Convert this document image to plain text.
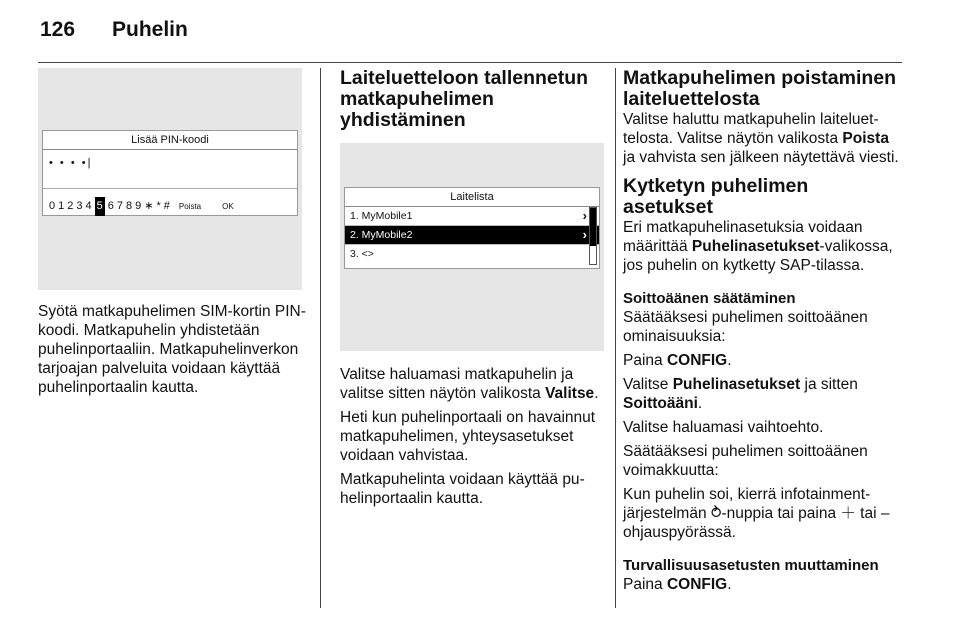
126 Puhelin
Lisää PIN-koodi
• • • •|
0 1 2 3 4 5 6 7 8 9 ∗ * # Poista	OK

Syötä matkapuhelimen SIM-kortin PIN-koodi. Matkapuhelin yhdistetään puhelinportaaliin. Matkapuhelinverkon tarjoajan palveluita voidaan käyttää puhelinportaalin kautta.

Laiteluetteloon tallennetun matkapuhelimen yhdistäminen
Laitelista
1. MyMobile1	›
2. MyMobile2	›
3. <>

Valitse haluamasi matkapuhelin ja valitse sitten näytön valikosta Valitse.

Heti kun puhelinportaali on havainnut matkapuhelimen, yhteysasetukset voidaan vahvistaa.

Matkapuhelinta voidaan käyttää puhelinportaalin kautta.

Matkapuhelimen poistaminen laiteluettelosta

Valitse haluttu matkapuhelin laiteluettelosta. Valitse näytön valikosta Poista ja vahvista sen jälkeen näytettävä viesti.

Kytketyn puhelimen asetukset

Eri matkapuhelinasetuksia voidaan määrittää Puhelinasetukset-valikossa, jos puhelin on kytketty SAP-tilassa.

Soittoäänen säätäminen

Säätääksesi puhelimen soittoäänen ominaisuuksia:

Paina CONFIG.

Valitse Puhelinasetukset ja sitten Soittoääni.

Valitse haluamasi vaihtoehto.

Säätääksesi puhelimen soittoäänen voimakkuutta:

Kun puhelin soi, kierrä infotainment-järjestelmän ⥁-nuppia tai paina ＋ tai – ohjauspyörässä.

Turvallisuusasetusten muuttaminen

Paina CONFIG.
